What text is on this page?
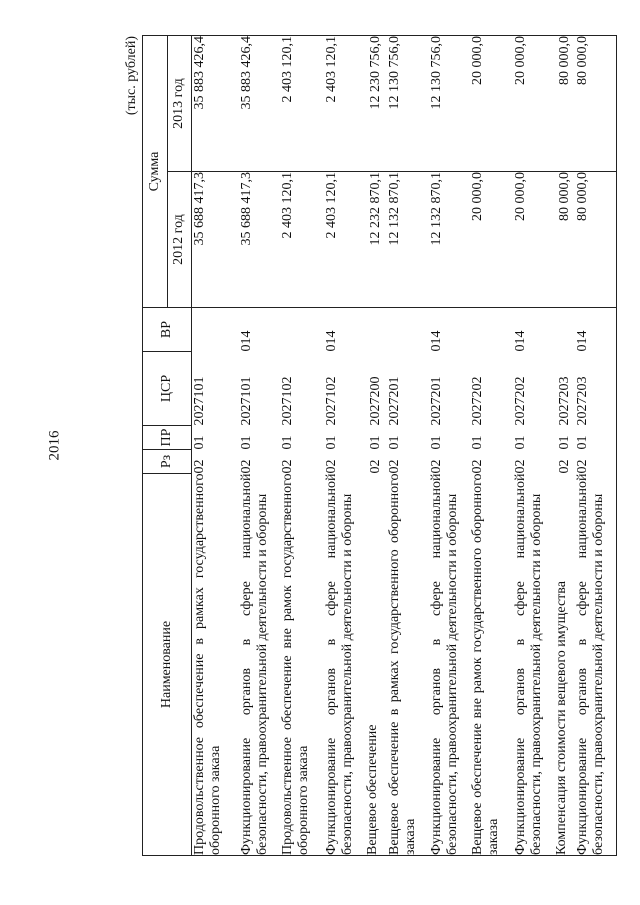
2016
(тыс. рублей)
Наименование	Рз	ПР	ЦСР	ВР	Сумма	
					2012 год	2013 год
Продовольственное обеспечение в рамках государственного оборонного заказа	02	01	2027101		35 688 417,3	35 883 426,4
Функционирование органов в сфере национальной безопасности, правоохранительной деятельности и обороны	02	01	2027101	014	35 688 417,3	35 883 426,4
Продовольственное обеспечение вне рамок государственного оборонного заказа	02	01	2027102		2 403 120,1	2 403 120,1
Функционирование органов в сфере национальной безопасности, правоохранительной деятельности и обороны	02	01	2027102	014	2 403 120,1	2 403 120,1
Вещевое обеспечение	02	01	2027200		12 232 870,1	12 230 756,0
Вещевое обеспечение в рамках государственного оборонного заказа	02	01	2027201		12 132 870,1	12 130 756,0
Функционирование органов в сфере национальной безопасности, правоохранительной деятельности и обороны	02	01	2027201	014	12 132 870,1	12 130 756,0
Вещевое обеспечение вне рамок государственного оборонного заказа	02	01	2027202		20 000,0	20 000,0
Функционирование органов в сфере национальной безопасности, правоохранительной деятельности и обороны	02	01	2027202	014	20 000,0	20 000,0
Компенсация стоимости вещевого имущества	02	01	2027203		80 000,0	80 000,0
Функционирование органов в сфере национальной безопасности, правоохранительной деятельности и обороны	02	01	2027203	014	80 000,0	80 000,0
